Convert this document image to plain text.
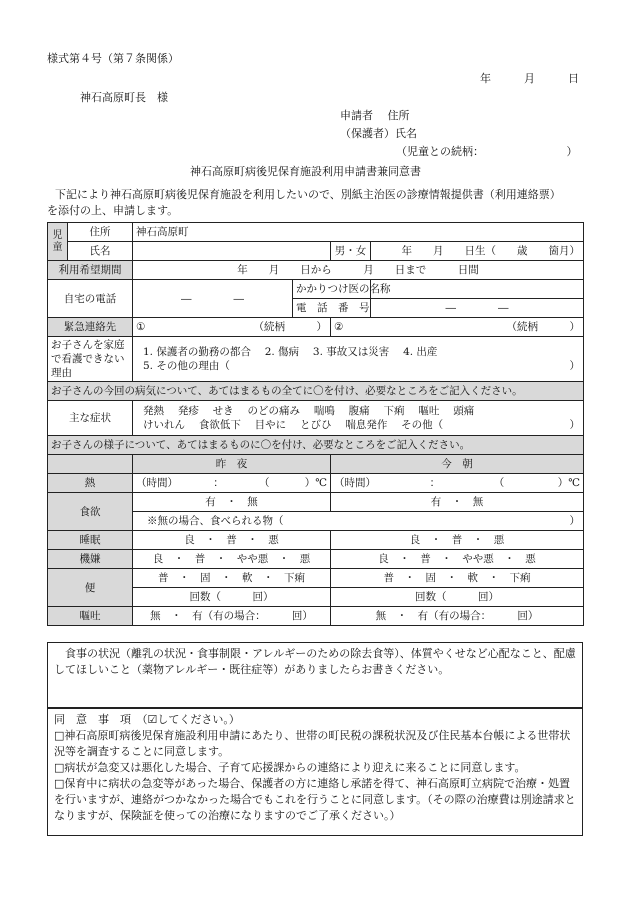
様式第４号（第７条関係）
年　　　月　　　日
神石高原町長　様
申請者　 住所
（保護者）氏名
（児童との続柄：　　　　　　　　）
神石高原町病後児保育施設利用申請書兼同意書
下記により神石高原町病後児保育施設を利用したいので、別紙主治医の診療情報提供書（利用連絡票）
を添付の上、申請します。
児童	住所	神石高原町			
	氏名			男・女	年　　月　　日生（　　歳　　箇月）
利用希望期間		年　　月　　日から　　　月　　日まで　　　日間			
自宅の電話		―　　　　―	かかりつけ医の名称		
			電　話　番　号		―　　　　―
緊急連絡先		① （続柄　　　）		② （続柄　　　）	

お子さんを家庭で看護できない理由		1. 保護者の勤務の都合　 2. 傷病　 3. 事故又は災害　 4. 出産
5. その他の理由（ ）			

お子さんの今回の病気について、あてはまるもの全てに〇を付け、必要なところをご記入ください。					
主な症状		発熱　 発疹　 せき　 のどの痛み　 喘鳴　 腹痛　 下痢　 嘔吐　 頭痛
けいれん　 食欲低下　 目やに　 とびひ　 喘息発作　 その他（ ）			

お子さんの様子について、あてはまるものに〇を付け、必要なところをご記入ください。					
		昨　夜		今　朝	
熱		（時間） ： （ ）℃		（時間） ： （ ）℃	

食欲		有　・　無		有　・　無	

		※無の場合、食べられる物（ ）			

睡眠		良　・　普　・　悪		良　・　普　・　悪	
機嫌		良　・　普　・　やや悪　・　悪		良　・　普　・　やや悪　・　悪	
便		普　・　固　・　軟　・　下痢		普　・　固　・　軟　・　下痢	
		回数（　　　回）		回数（　　　回）	
嘔吐		無　・　有（有の場合：　　　回）		無　・　有（有の場合：　　　回）	
食事の状況（離乳の状況・食事制限・アレルギーのための除去食等）、体質やくせなど心配なこと、配慮してほしいこと（薬物アレルギー・既往症等）がありましたらお書きください。
同　意　事　項　（☑してください。）
□神石高原町病後児保育施設利用申請にあたり、世帯の町民税の課税状況及び住民基本台帳による世帯状況等を調査することに同意します。
□病状が急変又は悪化した場合、子育て応援課からの連絡により迎えに来ることに同意します。
□保育中に病状の急変等があった場合、保護者の方に連絡し承諾を得て、神石高原町立病院で治療・処置を行いますが、連絡がつかなかった場合でもこれを行うことに同意します。（その際の治療費は別途請求となりますが、保険証を使っての治療になりますのでご了承ください。）
